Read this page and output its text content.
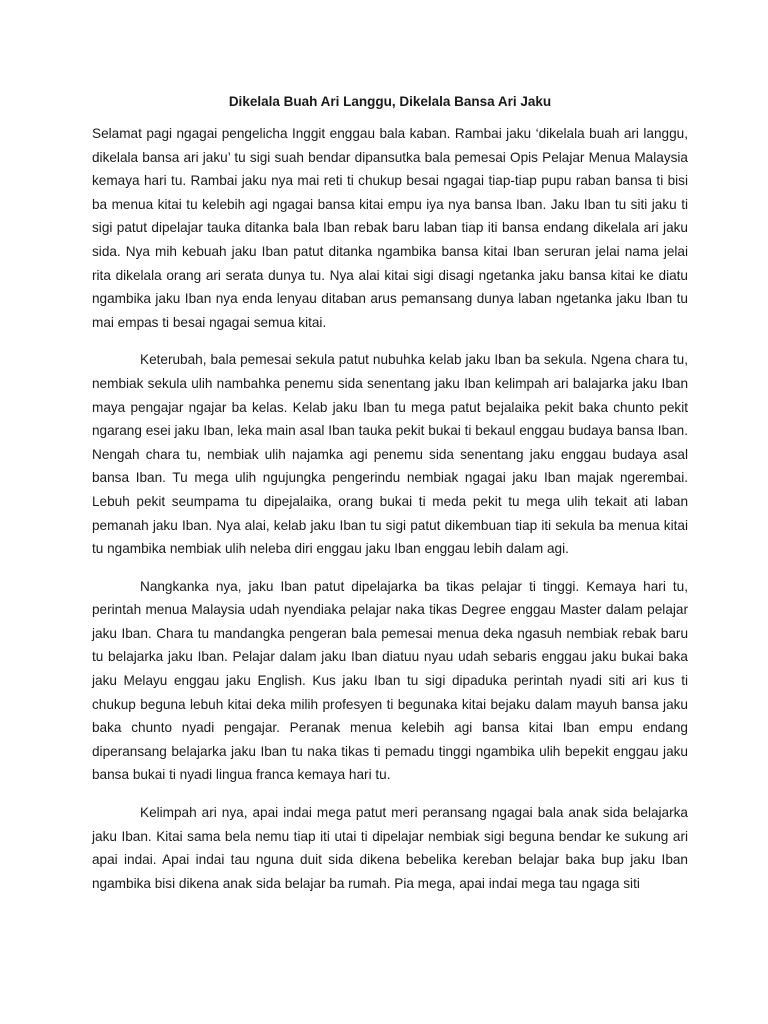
Dikelala Buah Ari Langgu, Dikelala Bansa Ari Jaku

Selamat pagi ngagai pengelicha Inggit enggau bala kaban. Rambai jaku ‘dikelala buah ari langgu, dikelala bansa ari jaku’ tu sigi suah bendar dipansutka bala pemesai Opis Pelajar Menua Malaysia kemaya hari tu. Rambai jaku nya mai reti ti chukup besai ngagai tiap-tiap pupu raban bansa ti bisi ba menua kitai tu kelebih agi ngagai bansa kitai empu iya nya bansa Iban. Jaku Iban tu siti jaku ti sigi patut dipelajar tauka ditanka bala Iban rebak baru laban tiap iti bansa endang dikelala ari jaku sida. Nya mih kebuah jaku Iban patut ditanka ngambika bansa kitai Iban seruran jelai nama jelai rita dikelala orang ari serata dunya tu. Nya alai kitai sigi disagi ngetanka jaku bansa kitai ke diatu ngambika jaku Iban nya enda lenyau ditaban arus pemansang dunya laban ngetanka jaku Iban tu mai empas ti besai ngagai semua kitai.

Keterubah, bala pemesai sekula patut nubuhka kelab jaku Iban ba sekula. Ngena chara tu, nembiak sekula ulih nambahka penemu sida senentang jaku Iban kelimpah ari balajarka jaku Iban maya pengajar ngajar ba kelas. Kelab jaku Iban tu mega patut bejalaika pekit baka chunto pekit ngarang esei jaku Iban, leka main asal Iban tauka pekit bukai ti bekaul enggau budaya bansa Iban. Nengah chara tu, nembiak ulih najamka agi penemu sida senentang jaku enggau budaya asal bansa Iban. Tu mega ulih ngujungka pengerindu nembiak ngagai jaku Iban majak ngerembai. Lebuh pekit seumpama tu dipejalaika, orang bukai ti meda pekit tu mega ulih tekait ati laban pemanah jaku Iban. Nya alai, kelab jaku Iban tu sigi patut dikembuan tiap iti sekula ba menua kitai tu ngambika nembiak ulih neleba diri enggau jaku Iban enggau lebih dalam agi.

Nangkanka nya, jaku Iban patut dipelajarka ba tikas pelajar ti tinggi. Kemaya hari tu, perintah menua Malaysia udah nyendiaka pelajar naka tikas Degree enggau Master dalam pelajar jaku Iban. Chara tu mandangka pengeran bala pemesai menua deka ngasuh nembiak rebak baru tu belajarka jaku Iban. Pelajar dalam jaku Iban diatuu nyau udah sebaris enggau jaku bukai baka jaku Melayu enggau jaku English. Kus jaku Iban tu sigi dipaduka perintah nyadi siti ari kus ti chukup beguna lebuh kitai deka milih profesyen ti begunaka kitai bejaku dalam mayuh bansa jaku baka chunto nyadi pengajar. Peranak menua kelebih agi bansa kitai Iban empu endang diperansang belajarka jaku Iban tu naka tikas ti pemadu tinggi ngambika ulih bepekit enggau jaku bansa bukai ti nyadi lingua franca kemaya hari tu.

Kelimpah ari nya, apai indai mega patut meri peransang ngagai bala anak sida belajarka jaku Iban. Kitai sama bela nemu tiap iti utai ti dipelajar nembiak sigi beguna bendar ke sukung ari apai indai. Apai indai tau nguna duit sida dikena bebelika kereban belajar baka bup jaku Iban ngambika bisi dikena anak sida belajar ba rumah. Pia mega, apai indai mega tau ngaga siti
